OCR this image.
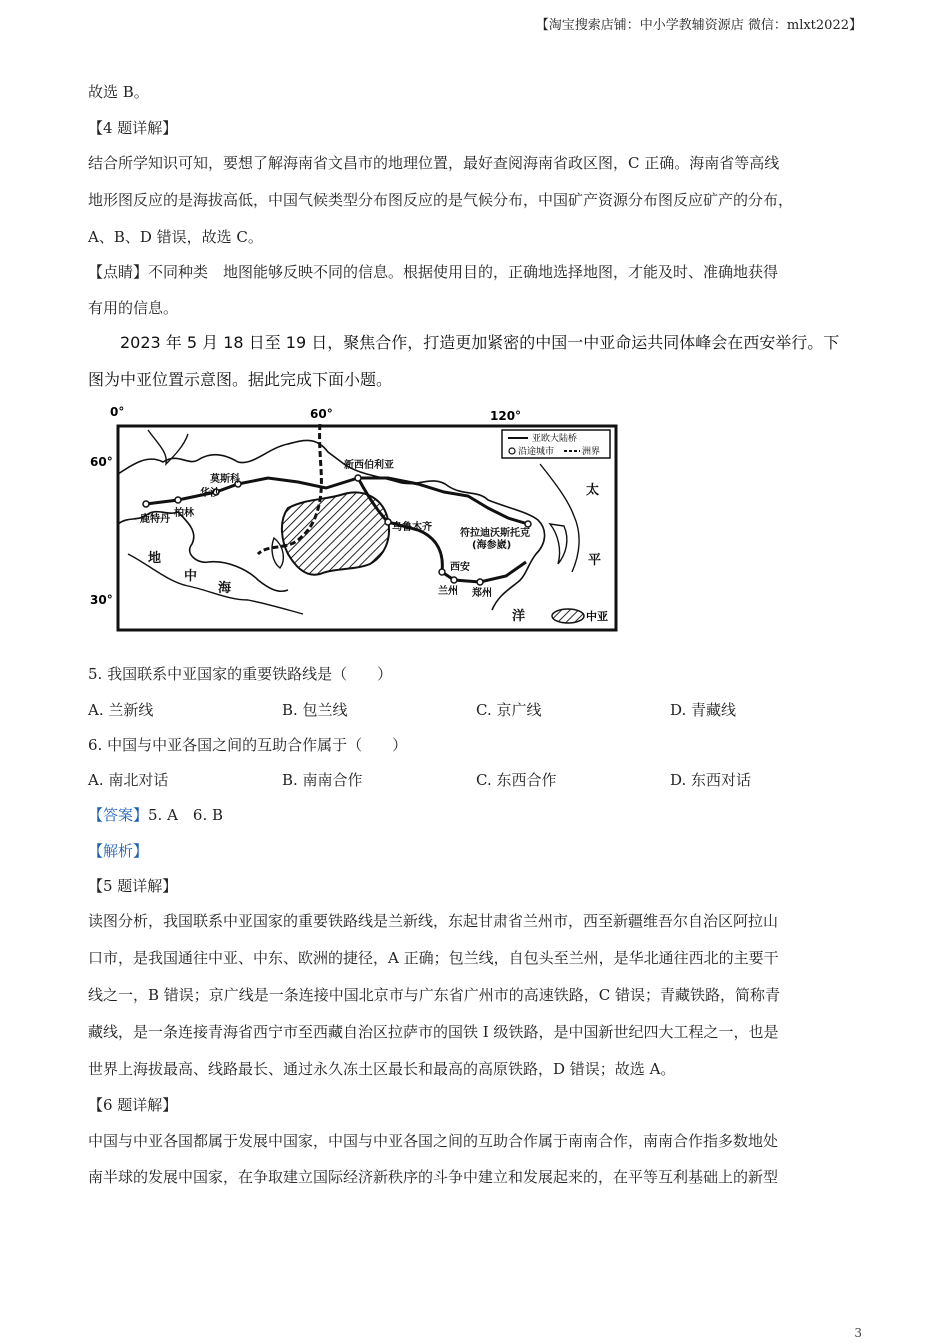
【淘宝搜索店铺：中小学教辅资源店 微信：mlxt2022】
故选 B。
【4 题详解】
结合所学知识可知，要想了解海南省文昌市的地理位置，最好查阅海南省政区图，C 正确。海南省等高线
地形图反应的是海拔高低，中国气候类型分布图反应的是气候分布，中国矿产资源分布图反应矿产的分布，
A、B、D 错误，故选 C。
【点睛】不同种类　地图能够反映不同的信息。根据使用目的，正确地选择地图，才能及时、准确地获得
有用的信息。
2023 年 5 月 18 日至 19 日，聚焦合作，打造更加紧密的中国一中亚命运共同体峰会在西安举行。下
图为中亚位置示意图。据此完成下面小题。
0°	60°	120°
60°
30°
鹿特丹
柏林
莫斯科
华沙
新西伯利亚
乌鲁木齐
符拉迪沃斯托克
(海参崴)
西安
兰州 郑州
地
中
海
太
平
洋
亚欧大陆桥
沿途城市	洲界
中亚
5. 我国联系中亚国家的重要铁路线是（　　）
A. 兰新线	B. 包兰线	C. 京广线	D. 青藏线
6. 中国与中亚各国之间的互助合作属于（　　）
A. 南北对话	B. 南南合作	C. 东西合作	D. 东西对话
【答案】5. A　6. B
【解析】
【5 题详解】
读图分析，我国联系中亚国家的重要铁路线是兰新线，东起甘肃省兰州市，西至新疆维吾尔自治区阿拉山
口市，是我国通往中亚、中东、欧洲的捷径，A 正确；包兰线，自包头至兰州，是华北通往西北的主要干
线之一，B 错误；京广线是一条连接中国北京市与广东省广州市的高速铁路，C 错误；青藏铁路，简称青
藏线，是一条连接青海省西宁市至西藏自治区拉萨市的国铁 I 级铁路，是中国新世纪四大工程之一，也是
世界上海拔最高、线路最长、通过永久冻土区最长和最高的高原铁路，D 错误；故选 A。
【6 题详解】
中国与中亚各国都属于发展中国家，中国与中亚各国之间的互助合作属于南南合作，南南合作指多数地处
南半球的发展中国家，在争取建立国际经济新秩序的斗争中建立和发展起来的，在平等互利基础上的新型
3
